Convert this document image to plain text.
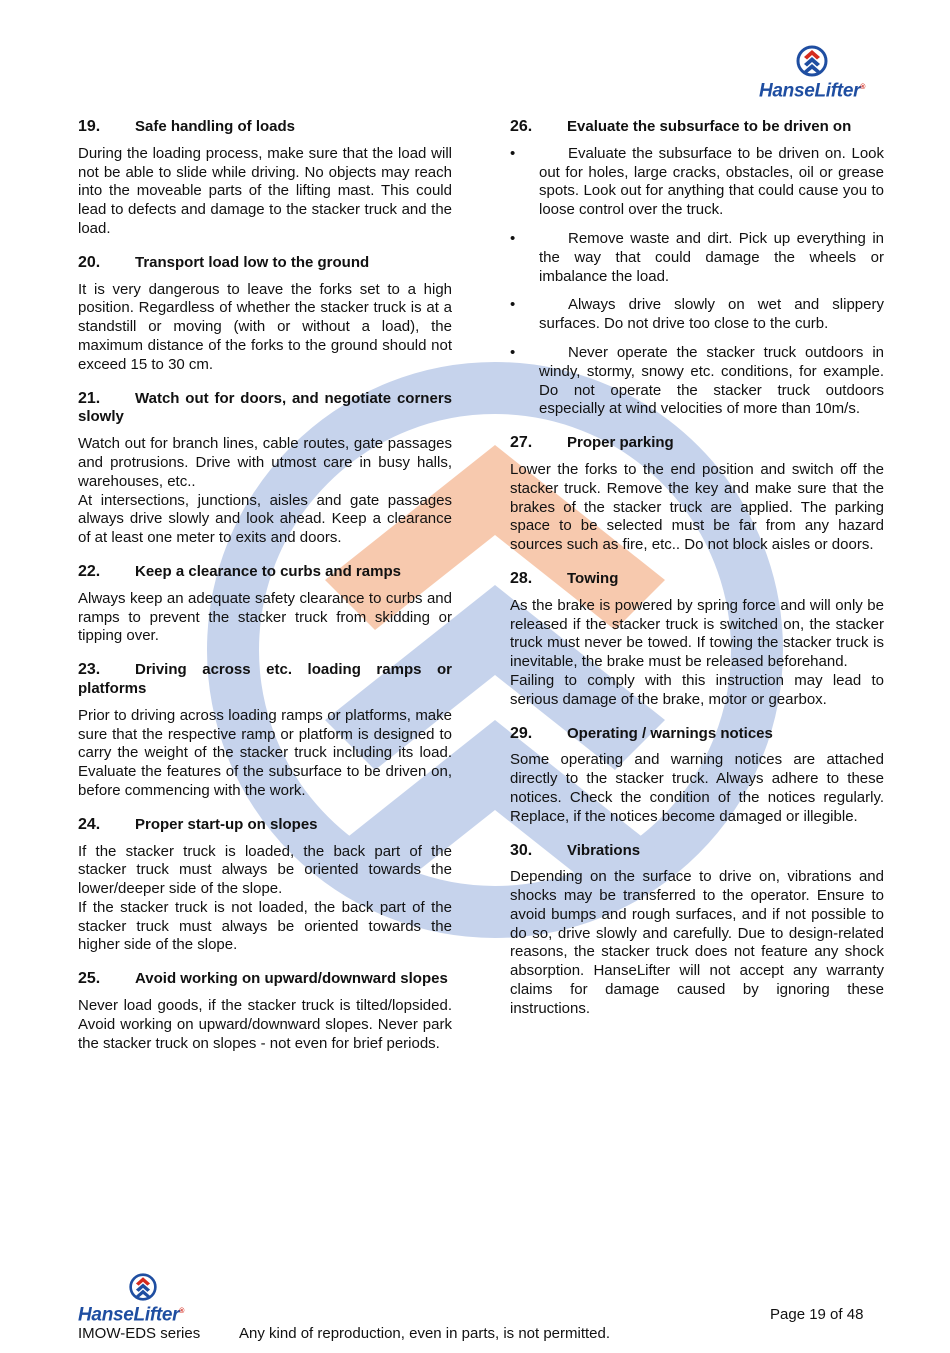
HanseLifter®
19.	Safe handling of loads

During the loading process, make sure that the load will not be able to slide while driving. No objects may reach into the moveable parts of the lifting mast. This could lead to defects and damage to the stacker truck and the load.

20.	Transport load low to the ground

It is very dangerous to leave the forks set to a high position. Regardless of whether the stacker truck is at a standstill or moving (with or without a load), the maximum distance of the forks to the ground should not exceed 15 to 30 cm.

21. Watch out for doors, and negotiate corners slowly

Watch out for branch lines, cable routes, gate passages and protrusions. Drive with utmost care in busy halls, warehouses, etc..

At intersections, junctions, aisles and gate passages always drive slowly and look ahead. Keep a clearance of at least one meter to exits and doors.

22.	Keep a clearance to curbs and ramps

Always keep an adequate safety clearance to curbs and ramps to prevent the stacker truck from skidding or tipping over.

23. Driving across etc. loading ramps or platforms

Prior to driving across loading ramps or platforms, make sure that the respective ramp or platform is designed to carry the weight of the stacker truck including its load. Evaluate the features of the subsurface to be driven on, before commencing with the work.

24.	Proper start-up on slopes

If the stacker truck is loaded, the back part of the stacker truck must always be oriented towards the lower/deeper side of the slope.

If the stacker truck is not loaded, the back part of the stacker truck must always be oriented towards the higher side of the slope.

25. Avoid working on upward/downward slopes

Never load goods, if the stacker truck is tilted/lopsided. Avoid working on upward/downward slopes. Never park the stacker truck on slopes - not even for brief periods.

26.	Evaluate the subsurface to be driven on
•	Evaluate the subsurface to be driven on. Look out for holes, large cracks, obstacles, oil or grease spots. Look out for anything that could cause you to loose control over the truck.
•	Remove waste and dirt. Pick up everything in the way that could damage the wheels or imbalance the load.
•	Always drive slowly on wet and slippery surfaces. Do not drive too close to the curb.
•	Never operate the stacker truck outdoors in windy, stormy, snowy etc. conditions, for example. Do not operate the stacker truck outdoors especially at wind velocities of more than 10m/s.
27.	Proper parking

Lower the forks to the end position and switch off the stacker truck. Remove the key and make sure that the brakes of the stacker truck are applied. The parking space to be selected must be far from any hazard sources such as fire, etc.. Do not block aisles or doors.

28.	Towing

As the brake is powered by spring force and will only be released if the stacker truck is switched on, the stacker truck must never be towed. If towing the stacker truck is inevitable, the brake must be released beforehand.

Failing to comply with this instruction may lead to serious damage of the brake, motor or gearbox.

29.	Operating / warnings notices

Some operating and warning notices are attached directly to the stacker truck. Always adhere to these notices. Check the condition of the notices regularly. Replace, if the notices become damaged or illegible.

30.	Vibrations

Depending on the surface to drive on, vibrations and shocks may be transferred to the operator. Ensure to avoid bumps and rough surfaces, and if not possible to do so, drive slowly and carefully. Due to design-related reasons, the stacker truck does not feature any shock absorption. HanseLifter will not accept any warranty claims for damage caused by ignoring these instructions.

HanseLifter®
IMOW-EDS series	Any kind of reproduction, even in parts, is not permitted.
Page 19 of 48
